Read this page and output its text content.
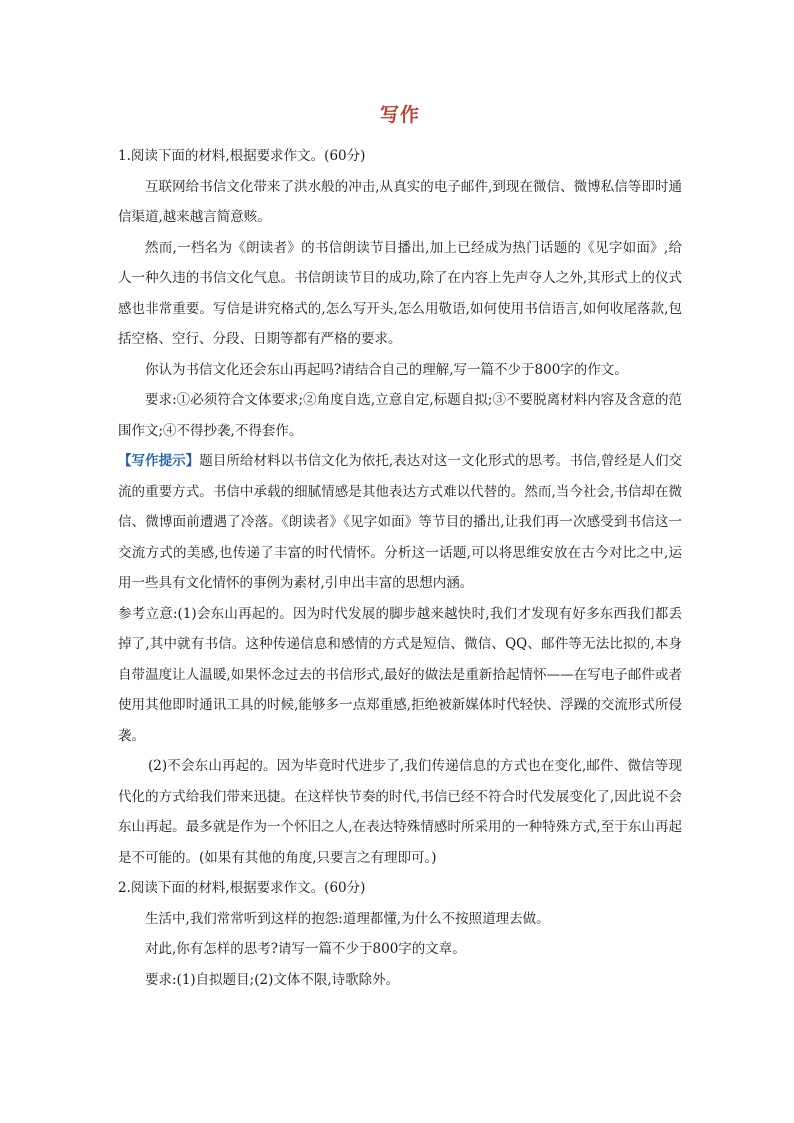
写作

1.阅读下面的材料,根据要求作文。(60分)

互联网给书信文化带来了洪水般的冲击,从真实的电子邮件,到现在微信、微博私信等即时通信渠道,越来越言简意赅。

然而,一档名为《朗读者》的书信朗读节目播出,加上已经成为热门话题的《见字如面》,给人一种久违的书信文化气息。书信朗读节目的成功,除了在内容上先声夺人之外,其形式上的仪式感也非常重要。写信是讲究格式的,怎么写开头,怎么用敬语,如何使用书信语言,如何收尾落款,包括空格、空行、分段、日期等都有严格的要求。

你认为书信文化还会东山再起吗?请结合自己的理解,写一篇不少于800字的作文。

要求:①必须符合文体要求;②角度自选,立意自定,标题自拟;③不要脱离材料内容及含意的范围作文;④不得抄袭,不得套作。

【写作提示】题目所给材料以书信文化为依托,表达对这一文化形式的思考。书信,曾经是人们交流的重要方式。书信中承载的细腻情感是其他表达方式难以代替的。然而,当今社会,书信却在微信、微博面前遭遇了冷落。《朗读者》《见字如面》等节目的播出,让我们再一次感受到书信这一交流方式的美感,也传递了丰富的时代情怀。分析这一话题,可以将思维安放在古今对比之中,运用一些具有文化情怀的事例为素材,引申出丰富的思想内涵。

参考立意:(1)会东山再起的。因为时代发展的脚步越来越快时,我们才发现有好多东西我们都丢掉了,其中就有书信。这种传递信息和感情的方式是短信、微信、QQ、邮件等无法比拟的,本身自带温度让人温暖,如果怀念过去的书信形式,最好的做法是重新拾起情怀——在写电子邮件或者使用其他即时通讯工具的时候,能够多一点郑重感,拒绝被新媒体时代轻快、浮躁的交流形式所侵袭。

(2)不会东山再起的。因为毕竟时代进步了,我们传递信息的方式也在变化,邮件、微信等现代化的方式给我们带来迅捷。在这样快节奏的时代,书信已经不符合时代发展变化了,因此说不会东山再起。最多就是作为一个怀旧之人,在表达特殊情感时所采用的一种特殊方式,至于东山再起是不可能的。(如果有其他的角度,只要言之有理即可。)

2.阅读下面的材料,根据要求作文。(60分)

生活中,我们常常听到这样的抱怨:道理都懂,为什么不按照道理去做。

对此,你有怎样的思考?请写一篇不少于800字的文章。

要求:(1)自拟题目;(2)文体不限,诗歌除外。
